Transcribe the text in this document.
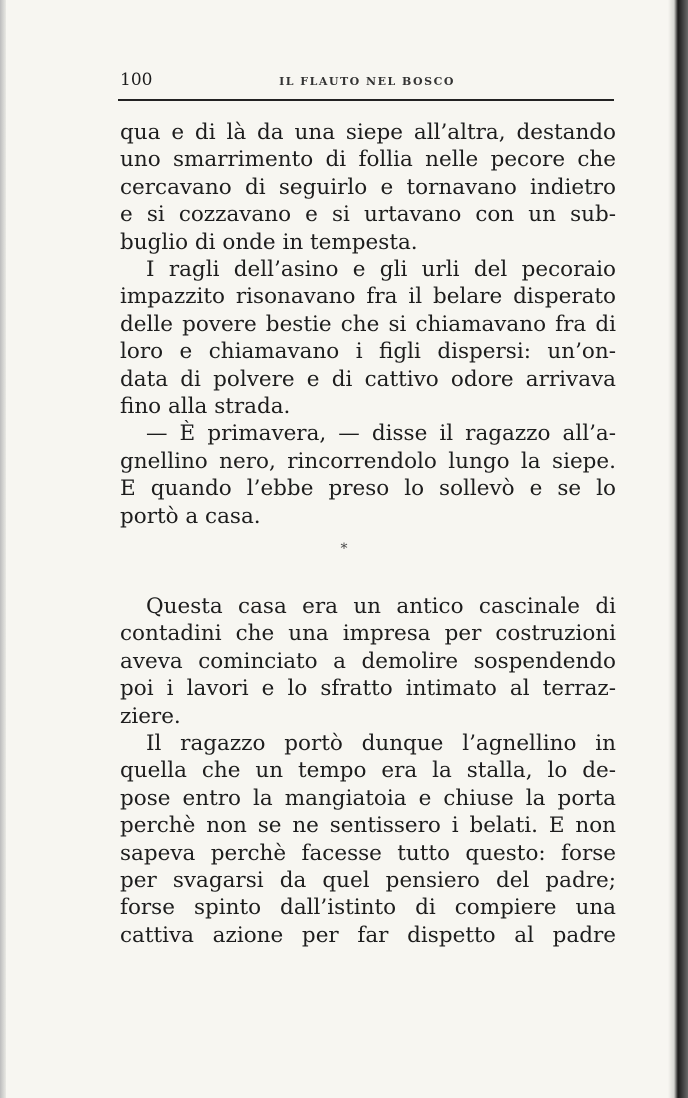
100	IL FLAUTO NEL BOSCO
qua e di là da una siepe all’altra, destando
uno smarrimento di follia nelle pecore che
cercavano di seguirlo e tornavano indietro
e si cozzavano e si urtavano con un sub-
buglio di onde in tempesta.
I ragli dell’asino e gli urli del pecoraio
impazzito risonavano fra il belare disperato
delle povere bestie che si chiamavano fra di
loro e chiamavano i figli dispersi: un’on-
data di polvere e di cattivo odore arrivava
fino alla strada.
— È primavera, — disse il ragazzo all’a-
gnellino nero, rincorrendolo lungo la siepe.
E quando l’ebbe preso lo sollevò e se lo
portò a casa.
*
Questa casa era un antico cascinale di
contadini che una impresa per costruzioni
aveva cominciato a demolire sospendendo
poi i lavori e lo sfratto intimato al terraz-
ziere.
Il ragazzo portò dunque l’agnellino in
quella che un tempo era la stalla, lo de-
pose entro la mangiatoia e chiuse la porta
perchè non se ne sentissero i belati. E non
sapeva perchè facesse tutto questo: forse
per svagarsi da quel pensiero del padre;
forse spinto dall’istinto di compiere una
cattiva azione per far dispetto al padre
